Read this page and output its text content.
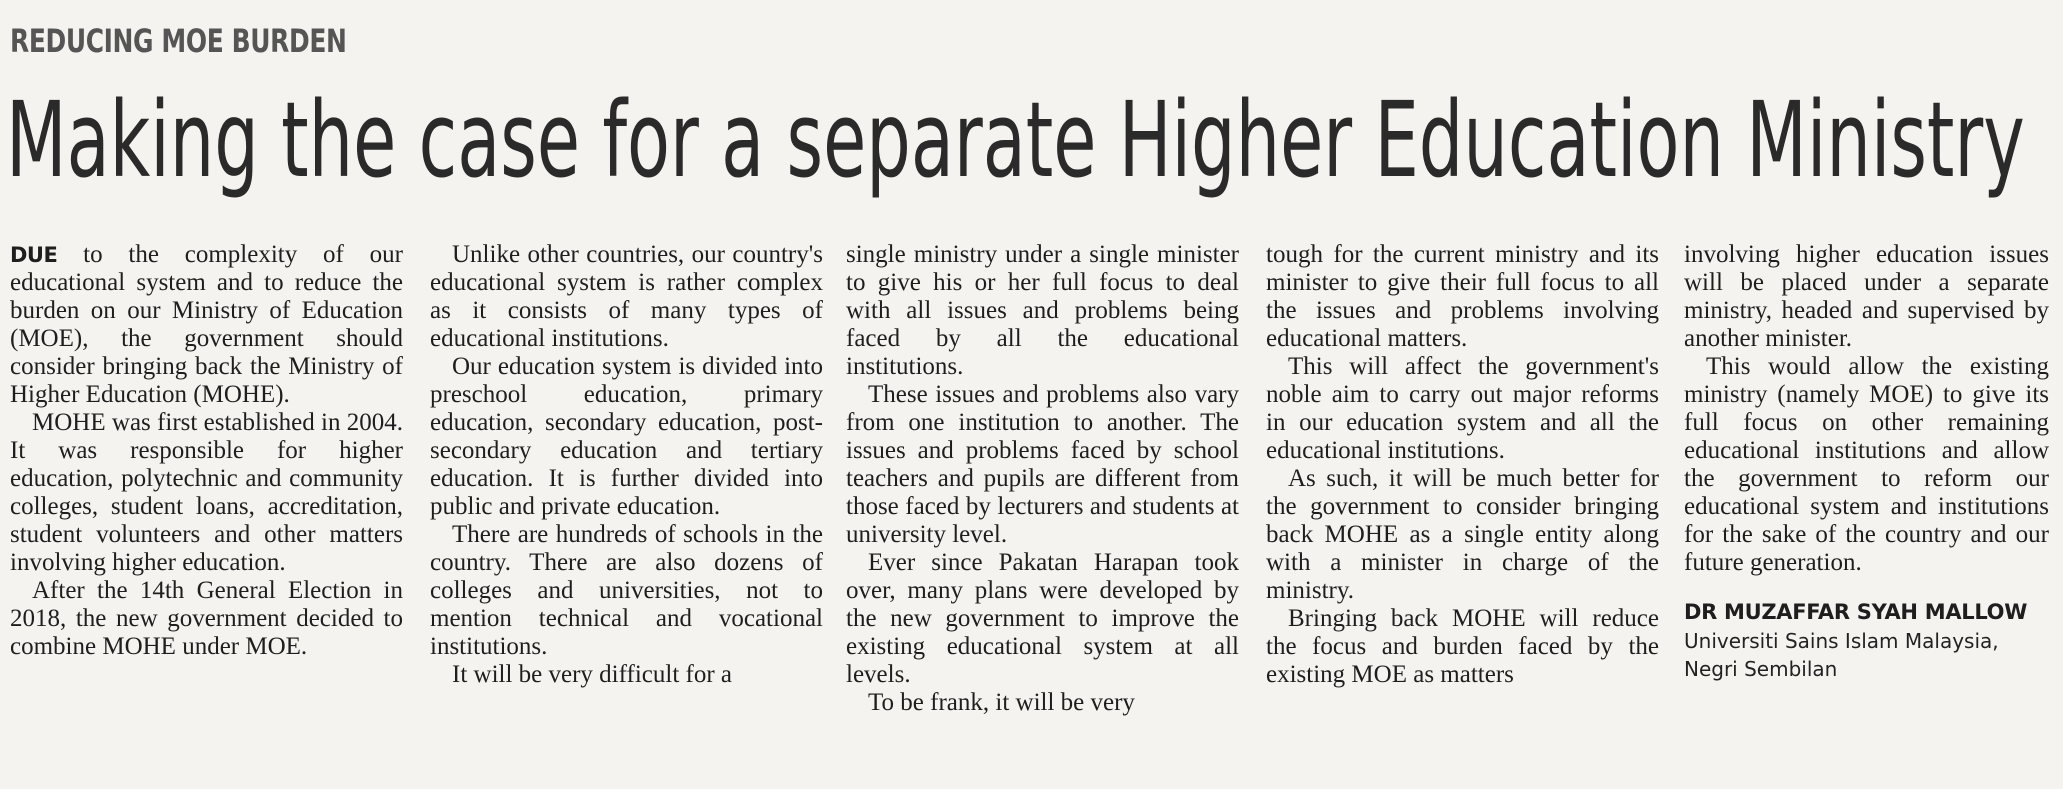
REDUCING MOE BURDEN
Making the case for a separate Higher Education Ministry

DUE to the complexity of our educational system and to reduce the burden on our Ministry of Education (MOE), the government should consider bringing back the Ministry of Higher Education (MOHE).

MOHE was first established in 2004. It was responsible for higher education, polytechnic and community colleges, student loans, accreditation, student volunteers and other matters involving higher education.

After the 14th General Election in 2018, the new government decided to combine MOHE under MOE.

Unlike other countries, our country's educational system is rather complex as it consists of many types of educational institutions.

Our education system is divided into preschool education, primary education, secondary education, post-secondary education and tertiary education. It is further divided into public and private education.

There are hundreds of schools in the country. There are also dozens of colleges and universities, not to mention technical and vocational institutions.

It will be very difficult for a

single ministry under a single minister to give his or her full focus to deal with all issues and problems being faced by all the educational institutions.

These issues and problems also vary from one institution to another. The issues and problems faced by school teachers and pupils are different from those faced by lecturers and students at university level.

Ever since Pakatan Harapan took over, many plans were developed by the new government to improve the existing educational system at all levels.

To be frank, it will be very

tough for the current ministry and its minister to give their full focus to all the issues and problems involving educational matters.

This will affect the government's noble aim to carry out major reforms in our education system and all the educational institutions.

As such, it will be much better for the government to consider bringing back MOHE as a single entity along with a minister in charge of the ministry.

Bringing back MOHE will reduce the focus and burden faced by the existing MOE as matters

involving higher education issues will be placed under a separate ministry, headed and supervised by another minister.

This would allow the existing ministry (namely MOE) to give its full focus on other remaining educational institutions and allow the government to reform our educational system and institutions for the sake of the country and our future generation.

DR MUZAFFAR SYAH MALLOW
Universiti Sains Islam Malaysia,
Negri Sembilan
